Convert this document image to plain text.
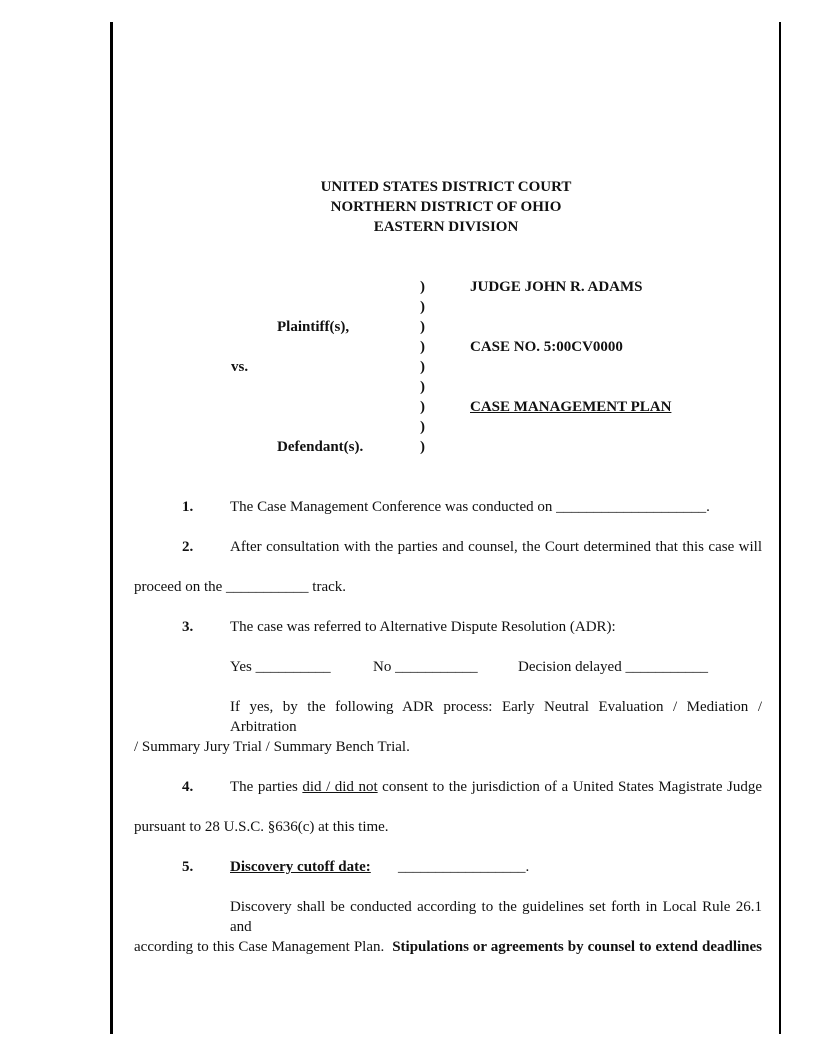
UNITED STATES DISTRICT COURT
NORTHERN DISTRICT OF OHIO
EASTERN DIVISION
)
)
)
)
)
)
)
)
)
Plaintiff(s),
vs.
Defendant(s).
JUDGE JOHN R. ADAMS
CASE NO. 5:00CV0000
CASE MANAGEMENT PLAN
1. The Case Management Conference was conducted on ____________________.
2. After consultation with the parties and counsel, the Court determined that this case will
proceed on the ___________ track.
3. The case was referred to Alternative Dispute Resolution (ADR):
Yes __________	No ___________	Decision delayed ___________
If yes, by the following ADR process: Early Neutral Evaluation / Mediation / Arbitration
/ Summary Jury Trial / Summary Bench Trial.
4. The parties did / did not consent to the jurisdiction of a United States Magistrate Judge
pursuant to 28 U.S.C. §636(c) at this time.
5. Discovery cutoff date: _________________.
Discovery shall be conducted according to the guidelines set forth in Local Rule 26.1 and
according to this Case Management Plan. Stipulations or agreements by counsel to extend deadlines
